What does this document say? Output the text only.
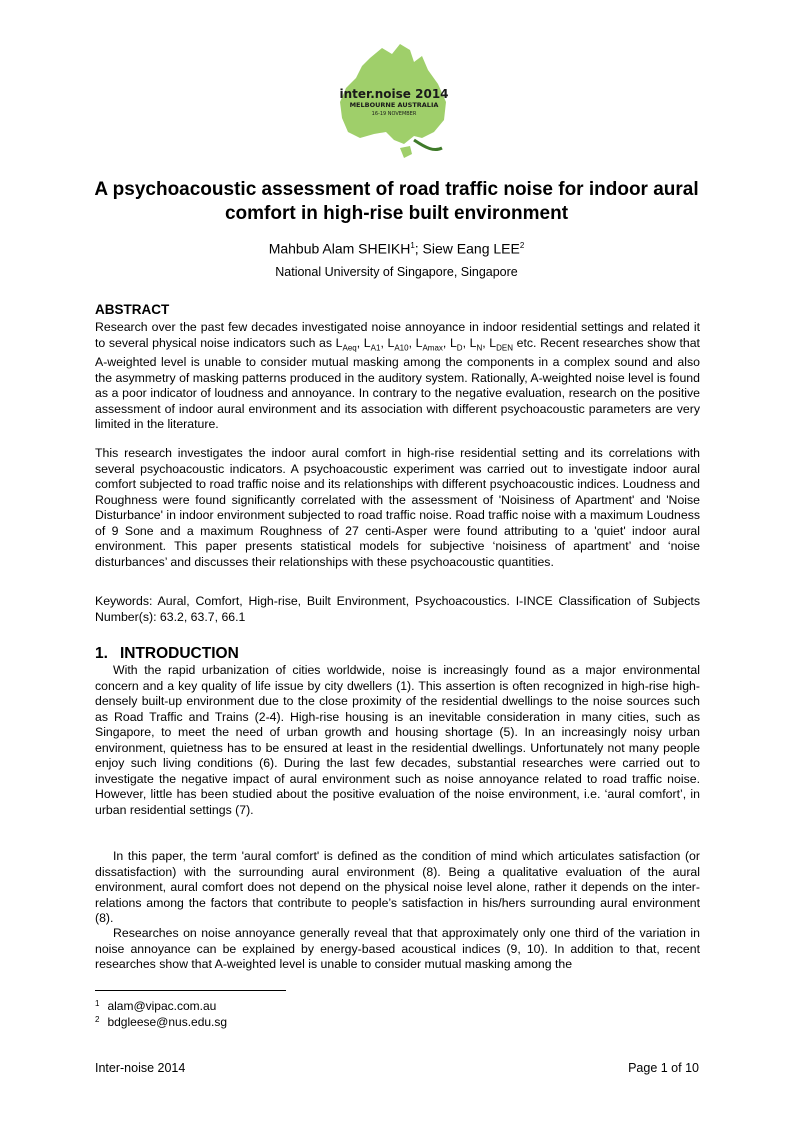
inter.noise 2014
MELBOURNE AUSTRALIA
16-19 NOVEMBER
A psychoacoustic assessment of road traffic noise for indoor aural
comfort in high-rise built environment
Mahbub Alam SHEIKH$^1$; Siew Eang LEE$^2$
National University of Singapore, Singapore
ABSTRACT

Research over the past few decades investigated noise annoyance in indoor residential settings and related it to several physical noise indicators such as $L_{Aeq}$, $L_{A1}$, $L_{A10}$, $L_{Amax}$, $L_D$, $L_N$, $L_{DEN}$ etc. Recent researches show that A-weighted level is unable to consider mutual masking among the components in a complex sound and also the asymmetry of masking patterns produced in the auditory system. Rationally, A-weighted noise level is found as a poor indicator of loudness and annoyance. In contrary to the negative evaluation, research on the positive assessment of indoor aural environment and its association with different psychoacoustic parameters are very limited in the literature.

This research investigates the indoor aural comfort in high-rise residential setting and its correlations with several psychoacoustic indicators. A psychoacoustic experiment was carried out to investigate indoor aural comfort subjected to road traffic noise and its relationships with different psychoacoustic indices. Loudness and Roughness were found significantly correlated with the assessment of 'Noisiness of Apartment' and 'Noise Disturbance' in indoor environment subjected to road traffic noise. Road traffic noise with a maximum Loudness of 9 Sone and a maximum Roughness of 27 centi-Asper were found attributing to a 'quiet' indoor aural environment. This paper presents statistical models for subjective ‘noisiness of apartment’ and ‘noise disturbances’ and discusses their relationships with these psychoacoustic quantities.

Keywords: Aural, Comfort, High-rise, Built Environment, Psychoacoustics. I-INCE Classification of Subjects Number(s): 63.2, 63.7, 66.1

1. INTRODUCTION

With the rapid urbanization of cities worldwide, noise is increasingly found as a major environmental concern and a key quality of life issue by city dwellers (1). This assertion is often recognized in high-rise high-densely built-up environment due to the close proximity of the residential dwellings to the noise sources such as Road Traffic and Trains (2-4). High-rise housing is an inevitable consideration in many cities, such as Singapore, to meet the need of urban growth and housing shortage (5). In an increasingly noisy urban environment, quietness has to be ensured at least in the residential dwellings. Unfortunately not many people enjoy such living conditions (6). During the last few decades, substantial researches were carried out to investigate the negative impact of aural environment such as noise annoyance related to road traffic noise. However, little has been studied about the positive evaluation of the noise environment, i.e. ‘aural comfort’, in urban residential settings (7).

In this paper, the term 'aural comfort' is defined as the condition of mind which articulates satisfaction (or dissatisfaction) with the surrounding aural environment (8). Being a qualitative evaluation of the aural environment, aural comfort does not depend on the physical noise level alone, rather it depends on the inter-relations among the factors that contribute to people’s satisfaction in his/hers surrounding aural environment (8).

Researches on noise annoyance generally reveal that that approximately only one third of the variation in noise annoyance can be explained by energy-based acoustical indices (9, 10). In addition to that, recent researches show that A-weighted level is unable to consider mutual masking among the

$^1$ alam@vipac.com.au
$^2$ bdgleese@nus.edu.sg
Inter-noise 2014	Page 1 of 10
